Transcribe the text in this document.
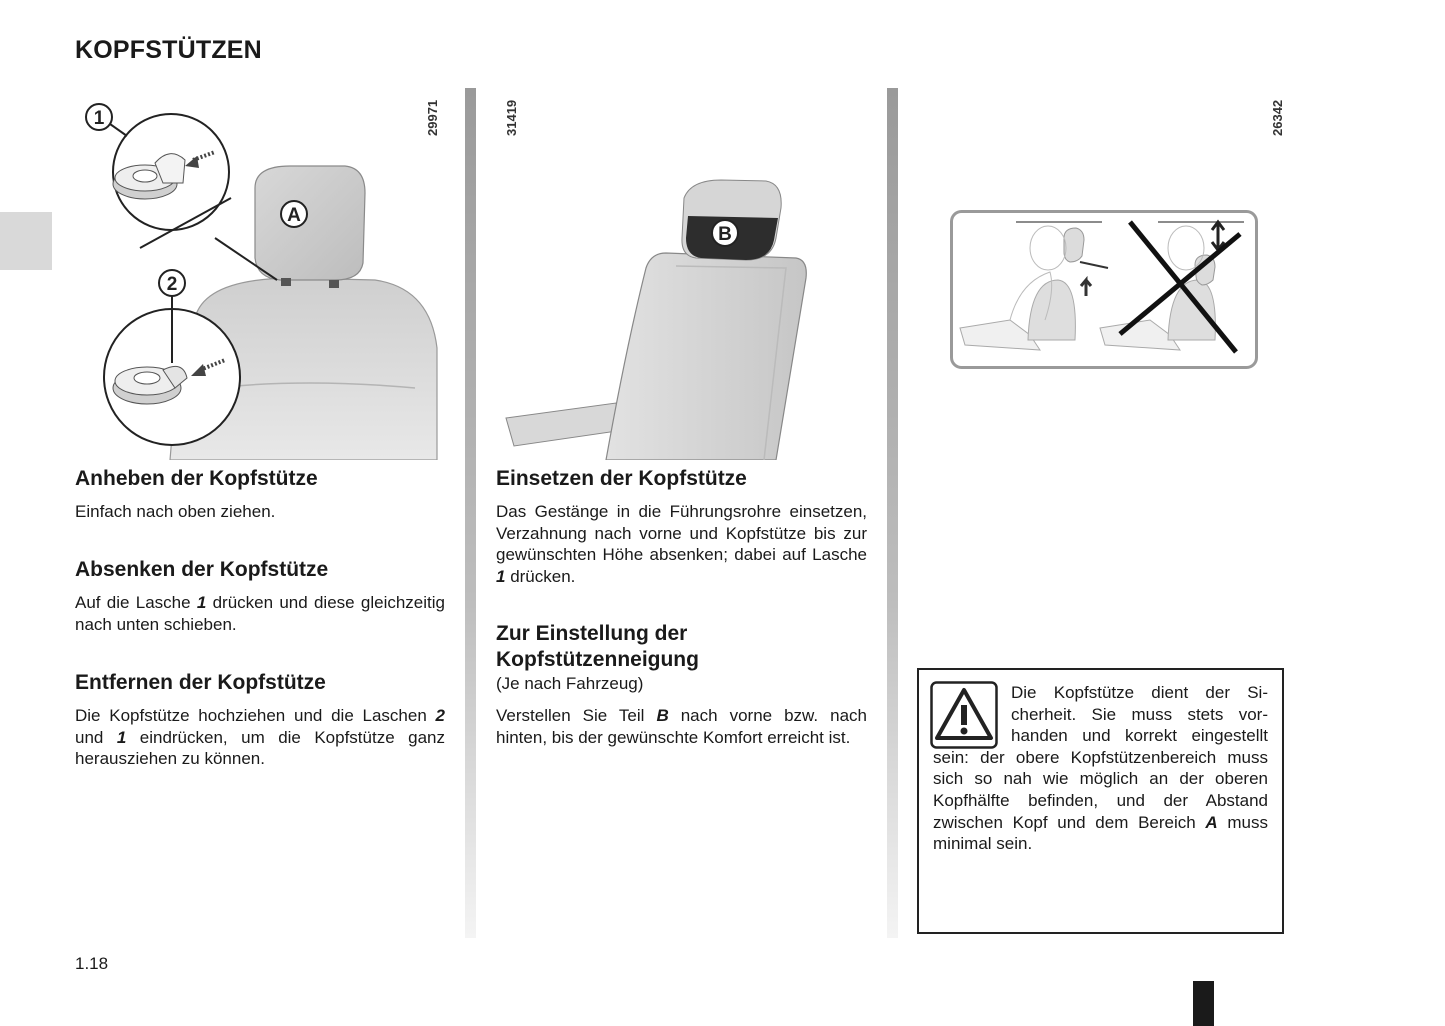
KOPFSTÜTZEN
A
1
2
29971
B
31419	26342
Anheben der Kopfstütze

Einfach nach oben ziehen.

Absenken der Kopfstütze

Auf die Lasche 1 drücken und diese gleichzeitig nach unten schieben.

Entfernen der Kopfstütze

Die Kopfstütze hochziehen und die Laschen 2 und 1 eindrücken, um die Kopfstütze ganz herausziehen zu können.

Einsetzen der Kopfstütze

Das Gestänge in die Führungsrohre einsetzen, Verzahnung nach vorne und Kopfstütze bis zur gewünschten Höhe absenken; dabei auf Lasche 1 drücken.

Zur Einstellung der
Kopfstützenneigung

(Je nach Fahrzeug)

Verstellen Sie Teil B nach vorne bzw. nach hinten, bis der gewünschte Komfort erreicht ist.

Die Kopfstütze dient der Sicherheit. Sie muss stets vorhanden und korrekt eingestellt sein: der obere Kopfstützenbereich muss sich so nah wie möglich an der oberen Kopfhälfte befinden, und der Abstand zwischen Kopf und dem Bereich A muss minimal sein.

1.18
